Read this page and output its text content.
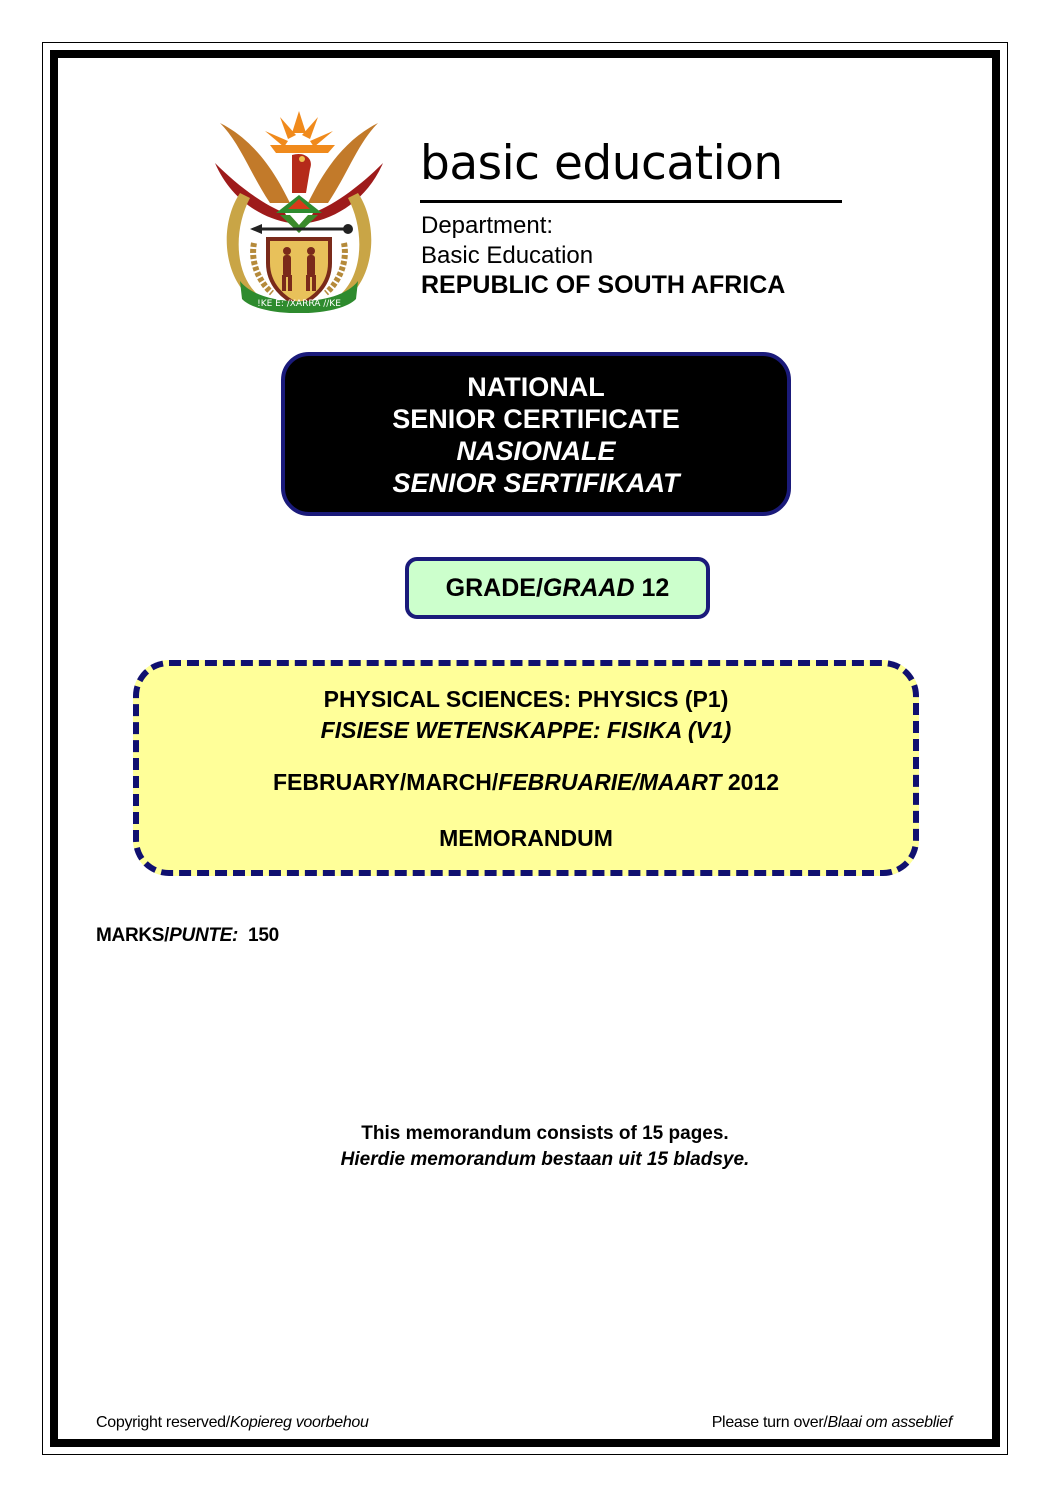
!KE E: /XARRA //KE
basic education
Department:
Basic Education
REPUBLIC OF SOUTH AFRICA
NATIONAL
SENIOR CERTIFICATE
NASIONALE
SENIOR SERTIFIKAAT
GRADE/GRAAD 12
PHYSICAL SCIENCES: PHYSICS (P1)
FISIESE WETENSKAPPE: FISIKA (V1)
FEBRUARY/MARCH/FEBRUARIE/MAART 2012
MEMORANDUM
MARKS/PUNTE: 150
This memorandum consists of 15 pages.
Hierdie memorandum bestaan uit 15 bladsye.
Copyright reserved/Kopiereg voorbehou	Please turn over/Blaai om asseblief
